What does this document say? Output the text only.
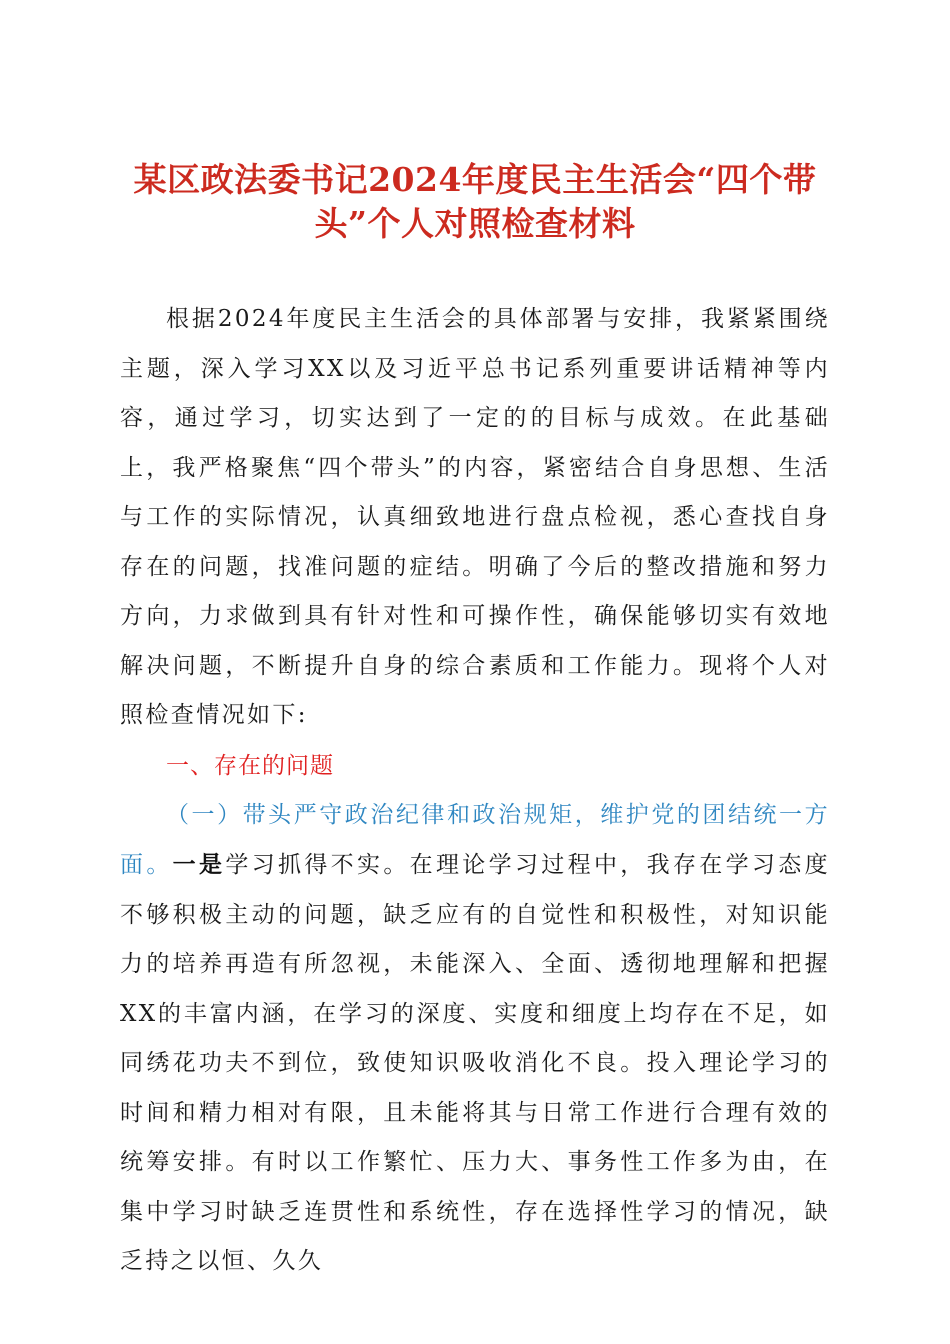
某区政法委书记2024年度民主生活会“四个带头”个人对照检查材料

根据2024年度民主生活会的具体部署与安排，我紧紧围绕主题，深入学习XX以及习近平总书记系列重要讲话精神等内容，通过学习，切实达到了一定的的目标与成效。在此基础上，我严格聚焦“四个带头”的内容，紧密结合自身思想、生活与工作的实际情况，认真细致地进行盘点检视，悉心查找自身存在的问题，找准问题的症结。明确了今后的整改措施和努力方向，力求做到具有针对性和可操作性，确保能够切实有效地解决问题，不断提升自身的综合素质和工作能力。现将个人对照检查情况如下:

一、存在的问题

（一）带头严守政治纪律和政治规矩，维护党的团结统一方面。一是学习抓得不实。在理论学习过程中，我存在学习态度不够积极主动的问题，缺乏应有的自觉性和积极性，对知识能力的培养再造有所忽视，未能深入、全面、透彻地理解和把握XX的丰富内涵，在学习的深度、实度和细度上均存在不足，如同绣花功夫不到位，致使知识吸收消化不良。投入理论学习的时间和精力相对有限，且未能将其与日常工作进行合理有效的统筹安排。有时以工作繁忙、压力大、事务性工作多为由，在集中学习时缺乏连贯性和系统性，存在选择性学习的情况，缺乏持之以恒、久久
